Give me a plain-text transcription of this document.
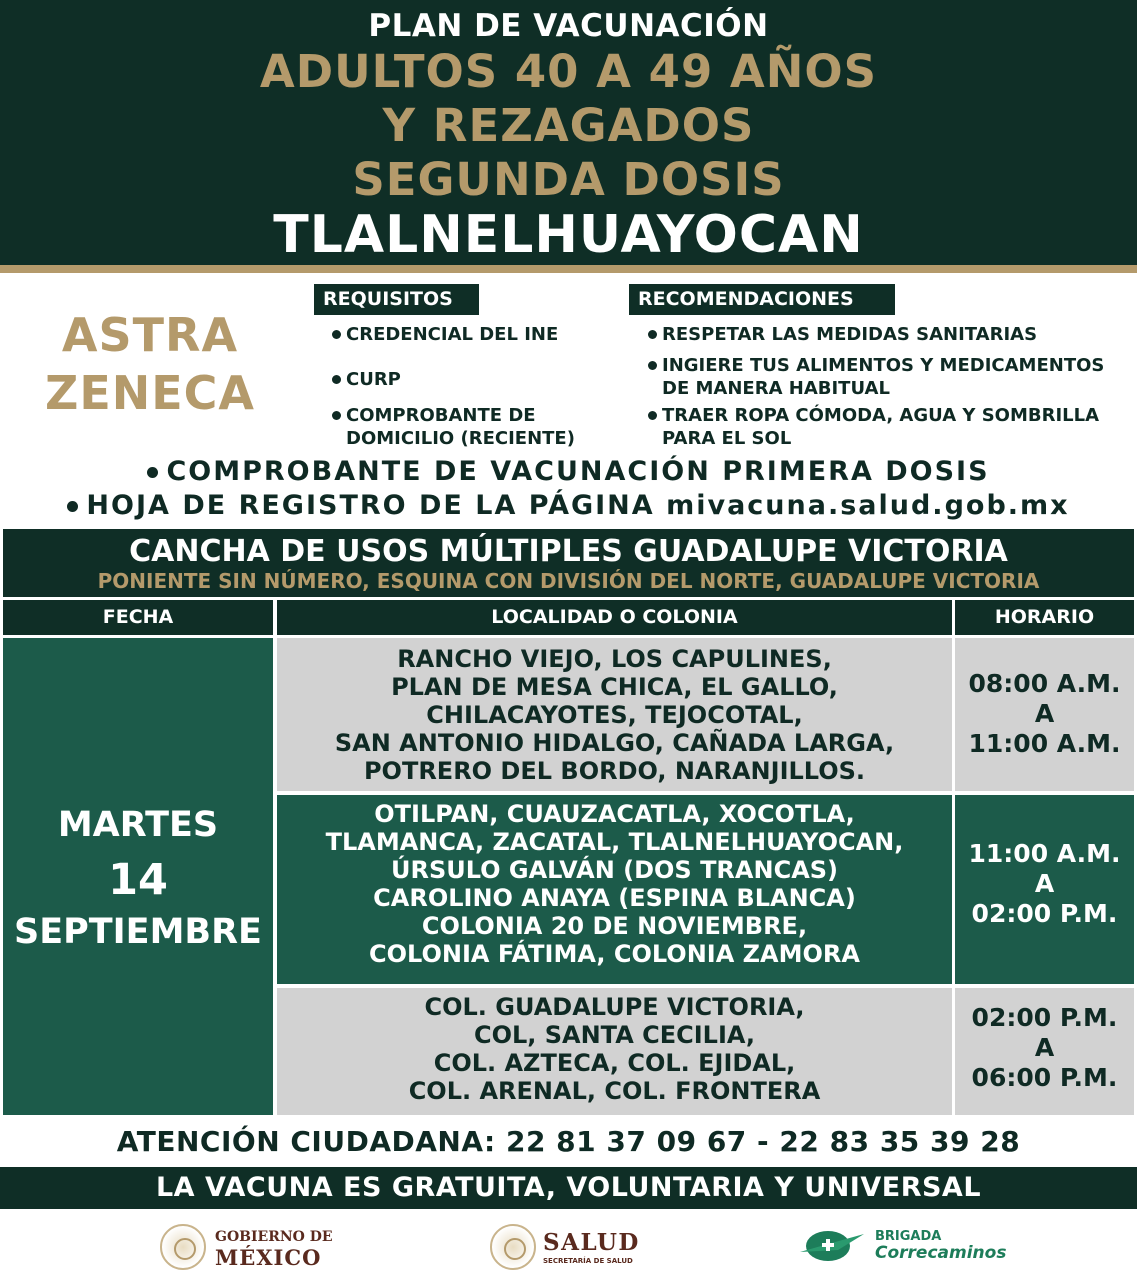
PLAN DE VACUNACIÓN
ADULTOS 40 A 49 AÑOS
Y REZAGADOS
SEGUNDA DOSIS
TLALNELHUAYOCAN
ASTRA
ZENECA
REQUISITOS
CREDENCIAL DEL INE
CURP
COMPROBANTE DE
DOMICILIO (RECIENTE)
RECOMENDACIONES
RESPETAR LAS MEDIDAS SANITARIAS
INGIERE TUS ALIMENTOS Y MEDICAMENTOS
DE MANERA HABITUAL
TRAER ROPA CÓMODA, AGUA Y SOMBRILLA
PARA EL SOL
COMPROBANTE DE VACUNACIÓN PRIMERA DOSIS
HOJA DE REGISTRO DE LA PÁGINA mivacuna.salud.gob.mx
CANCHA DE USOS MÚLTIPLES GUADALUPE VICTORIA
PONIENTE SIN NÚMERO, ESQUINA CON DIVISIÓN DEL NORTE, GUADALUPE VICTORIA
FECHA	LOCALIDAD O COLONIA	HORARIO
MARTES
14
SEPTIEMBRE
RANCHO VIEJO, LOS CAPULINES,
PLAN DE MESA CHICA, EL GALLO,
CHILACAYOTES, TEJOCOTAL,
SAN ANTONIO HIDALGO, CAÑADA LARGA,
POTRERO DEL BORDO, NARANJILLOS.
08:00 A.M.
A
11:00 A.M.
OTILPAN, CUAUZACATLA, XOCOTLA,
TLAMANCA, ZACATAL, TLALNELHUAYOCAN,
ÚRSULO GALVÁN (DOS TRANCAS)
CAROLINO ANAYA (ESPINA BLANCA)
COLONIA 20 DE NOVIEMBRE,
COLONIA FÁTIMA, COLONIA ZAMORA
11:00 A.M.
A
02:00 P.M.
COL. GUADALUPE VICTORIA,
COL, SANTA CECILIA,
COL. AZTECA, COL. EJIDAL,
COL. ARENAL, COL. FRONTERA
02:00 P.M.
A
06:00 P.M.
ATENCIÓN CIUDADANA: 22 81 37 09 67 - 22 83 35 39 28
LA VACUNA ES GRATUITA, VOLUNTARIA Y UNIVERSAL
GOBIERNO DE
MÉXICO
SALUD
SECRETARÍA DE SALUD
BRIGADA
Correcaminos
